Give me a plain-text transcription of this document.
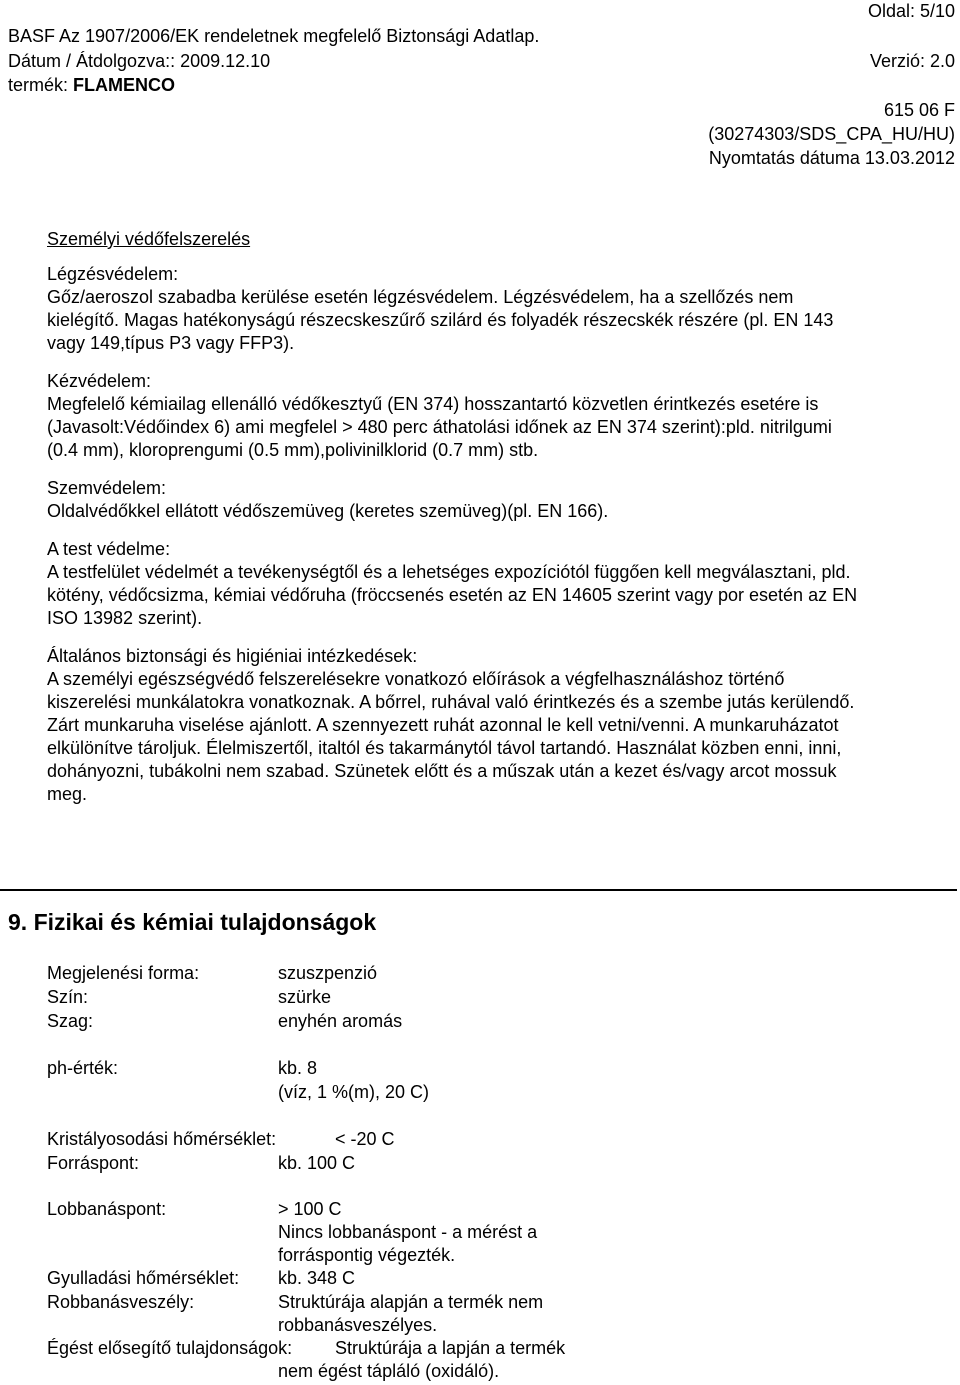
Oldal: 5/10
BASF Az 1907/2006/EK rendeletnek megfelelő Biztonsági Adatlap.
Dátum / Átdolgozva:: 2009.12.10	Verzió: 2.0
termék: FLAMENCO
615 06 F
(30274303/SDS_CPA_HU/HU)
Nyomtatás dátuma 13.03.2012

Személyi védőfelszerelés

Légzésvédelem:

Gőz/aeroszol szabadba kerülése esetén légzésvédelem. Légzésvédelem, ha a szellőzés nem

kielégítő. Magas hatékonyságú részecskeszűrő szilárd és folyadék részecskék részére (pl. EN 143

vagy 149,típus P3 vagy FFP3).

Kézvédelem:

Megfelelő kémiailag ellenálló védőkesztyű (EN 374) hosszantartó közvetlen érintkezés esetére is

(Javasolt:Védőindex 6) ami megfelel > 480 perc áthatolási időnek az EN 374 szerint):pld. nitrilgumi

(0.4 mm), kloroprengumi (0.5 mm),polivinilklorid (0.7 mm) stb.

Szemvédelem:

Oldalvédőkkel ellátott védőszemüveg (keretes szemüveg)(pl. EN 166).

A test védelme:

A testfelület védelmét a tevékenységtől és a lehetséges expozíciótól függően kell megválasztani, pld.

kötény, védőcsizma, kémiai védőruha (fröccsenés esetén az EN 14605 szerint vagy por esetén az EN

ISO 13982 szerint).

Általános biztonsági és higiéniai intézkedések:

A személyi egészségvédő felszerelésekre vonatkozó előírások a végfelhasználáshoz történő

kiszerelési munkálatokra vonatkoznak. A bőrrel, ruhával való érintkezés és a szembe jutás kerülendő.

Zárt munkaruha viselése ajánlott. A szennyezett ruhát azonnal le kell vetni/venni. A munkaruházatot

elkülönítve tároljuk. Élelmiszertől, italtól és takarmánytól távol tartandó. Használat közben enni, inni,

dohányozni, tubákolni nem szabad. Szünetek előtt és a műszak után a kezet és/vagy arcot mossuk

meg.

9. Fizikai és kémiai tulajdonságok
Megjelenési forma:	szuszpenzió
Szín:	szürke
Szag:	enyhén aromás
ph-érték:	kb. 8
(víz, 1 %(m), 20 C)
Kristályosodási hőmérséklet:	< -20 C
Forráspont:	kb. 100 C
Lobbanáspont:	> 100 C
Nincs lobbanáspont - a mérést a
forráspontig végezték.
Gyulladási hőmérséklet: kb. 348 C
Robbanásveszély:	Struktúrája alapján a termék nem
robbanásveszélyes.
Égést elősegítő tulajdonságok: Struktúrája a lapján a termék
nem égést tápláló (oxidáló).
